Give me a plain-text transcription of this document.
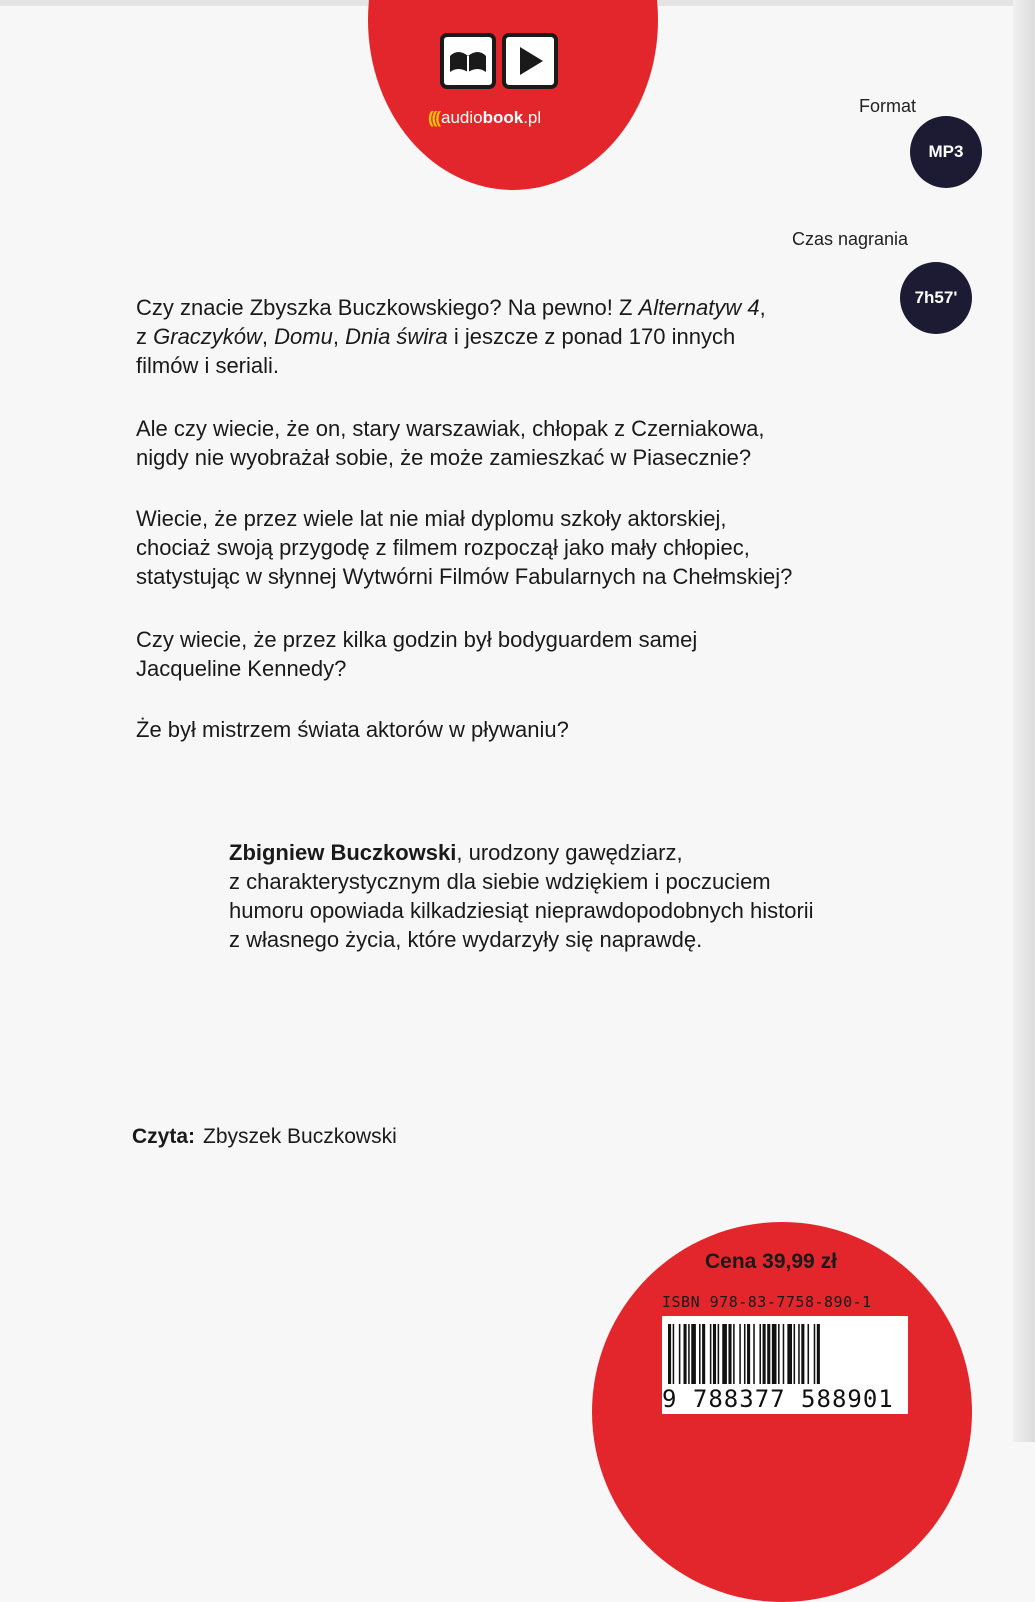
((( audiobook.pl
Format
MP3
Czas nagrania
7h57'

Czy znacie Zbyszka Buczkowskiego? Na pewno! Z Alternatyw 4,
z Graczyków, Domu, Dnia świra i jeszcze z ponad 170 innych
filmów i seriali.

Ale czy wiecie, że on, stary warszawiak, chłopak z Czerniakowa,
nigdy nie wyobrażał sobie, że może zamieszkać w Piasecznie?

Wiecie, że przez wiele lat nie miał dyplomu szkoły aktorskiej,
chociaż swoją przygodę z filmem rozpoczął jako mały chłopiec,
statystując w słynnej Wytwórni Filmów Fabularnych na Chełmskiej?

Czy wiecie, że przez kilka godzin był bodyguardem samej
Jacqueline Kennedy?

Że był mistrzem świata aktorów w pływaniu?

Zbigniew Buczkowski, urodzony gawędziarz,
z charakterystycznym dla siebie wdziękiem i poczuciem
humoru opowiada kilkadziesiąt nieprawdopodobnych historii
z własnego życia, które wydarzyły się naprawdę.

Czyta: Zbyszek Buczkowski
Cena 39,99 zł
ISBN 978-83-7758-890-1
9 788377 588901
